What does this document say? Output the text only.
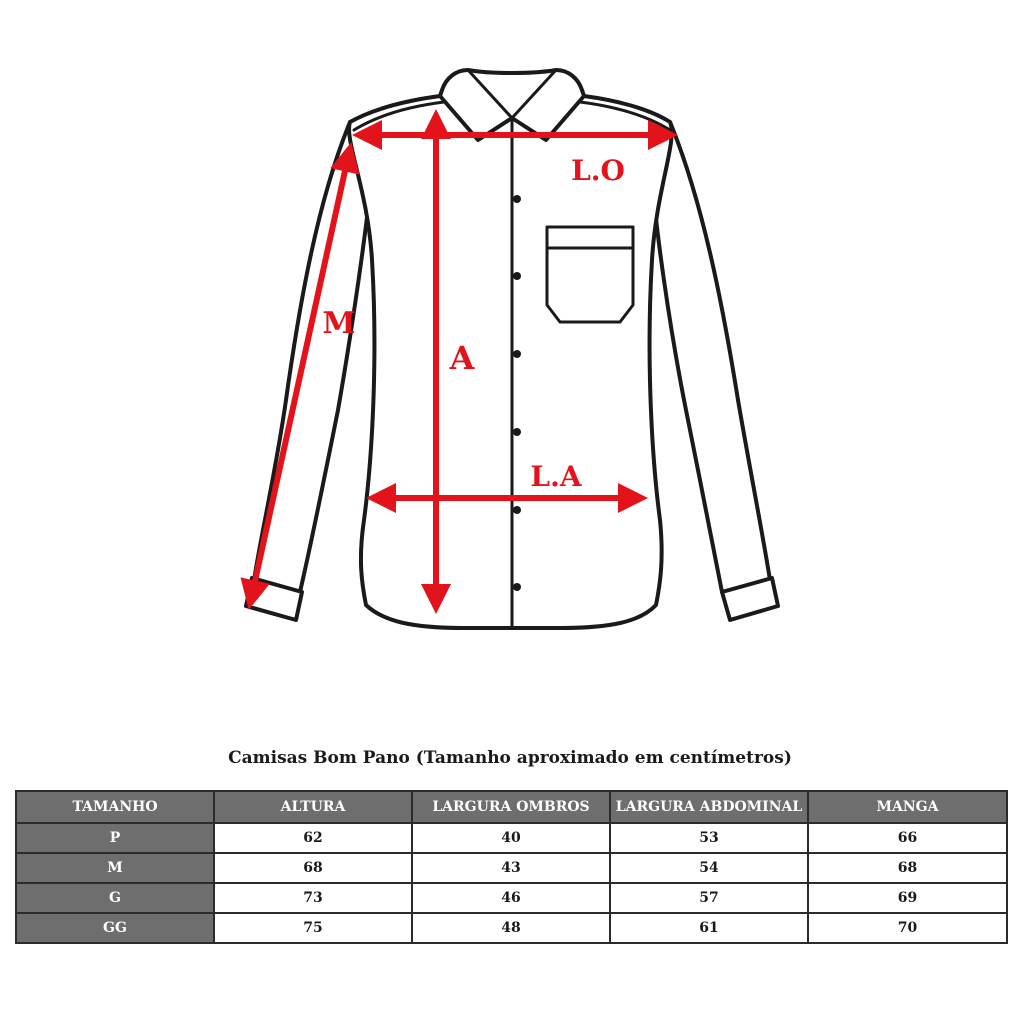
L.O
A
M
L.A
Camisas Bom Pano (Tamanho aproximado em centímetros)
TAMANHO	ALTURA	LARGURA OMBROS	LARGURA ABDOMINAL	MANGA
P	62	40	53	66
M	68	43	54	68
G	73	46	57	69
GG	75	48	61	70
